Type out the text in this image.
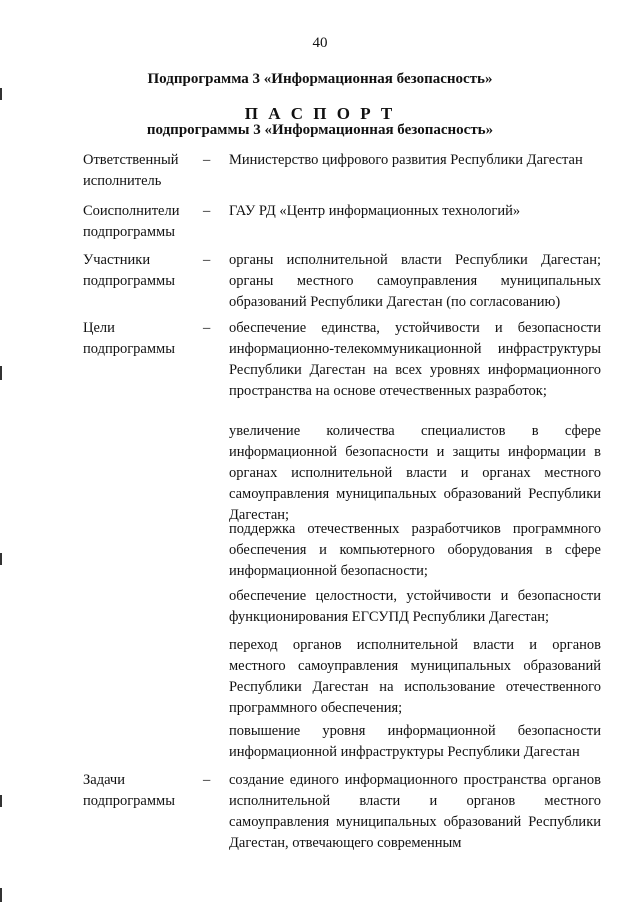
40
Подпрограмма 3 «Информационная безопасность»
П А С П О Р Т
подпрограммы 3 «Информационная безопасность»
Ответственный исполнитель
–	Министерство цифрового развития Республики Дагестан
Соисполнители подпрограммы
–	ГАУ РД «Центр информационных технологий»
Участники подпрограммы
–	органы исполнительной власти Республики Дагестан; органы местного самоуправления муниципальных образований Республики Дагестан (по согласованию)
Цели подпрограммы
–	обеспечение единства, устойчивости и безопасности информационно-телекоммуникационной инфраструктуры Республики Дагестан на всех уровнях информационного пространства на основе отечественных разработок;
увеличение количества специалистов в сфере информационной безопасности и защиты информации в органах исполнительной власти и органах местного самоуправления муниципальных образований Республики Дагестан;
поддержка отечественных разработчиков программного обеспечения и компьютерного оборудования в сфере информационной безопасности;
обеспечение целостности, устойчивости и безопасности функционирования ЕГСУПД Республики Дагестан;
переход органов исполнительной власти и органов местного самоуправления муниципальных образований Республики Дагестан на использование отечественного программного обеспечения;
повышение уровня информационной безопасности информационной инфраструктуры Республики Дагестан
Задачи подпрограммы
–	создание единого информационного пространства органов исполнительной власти и органов местного самоуправления муниципальных образований Республики Дагестан, отвечающего современным
